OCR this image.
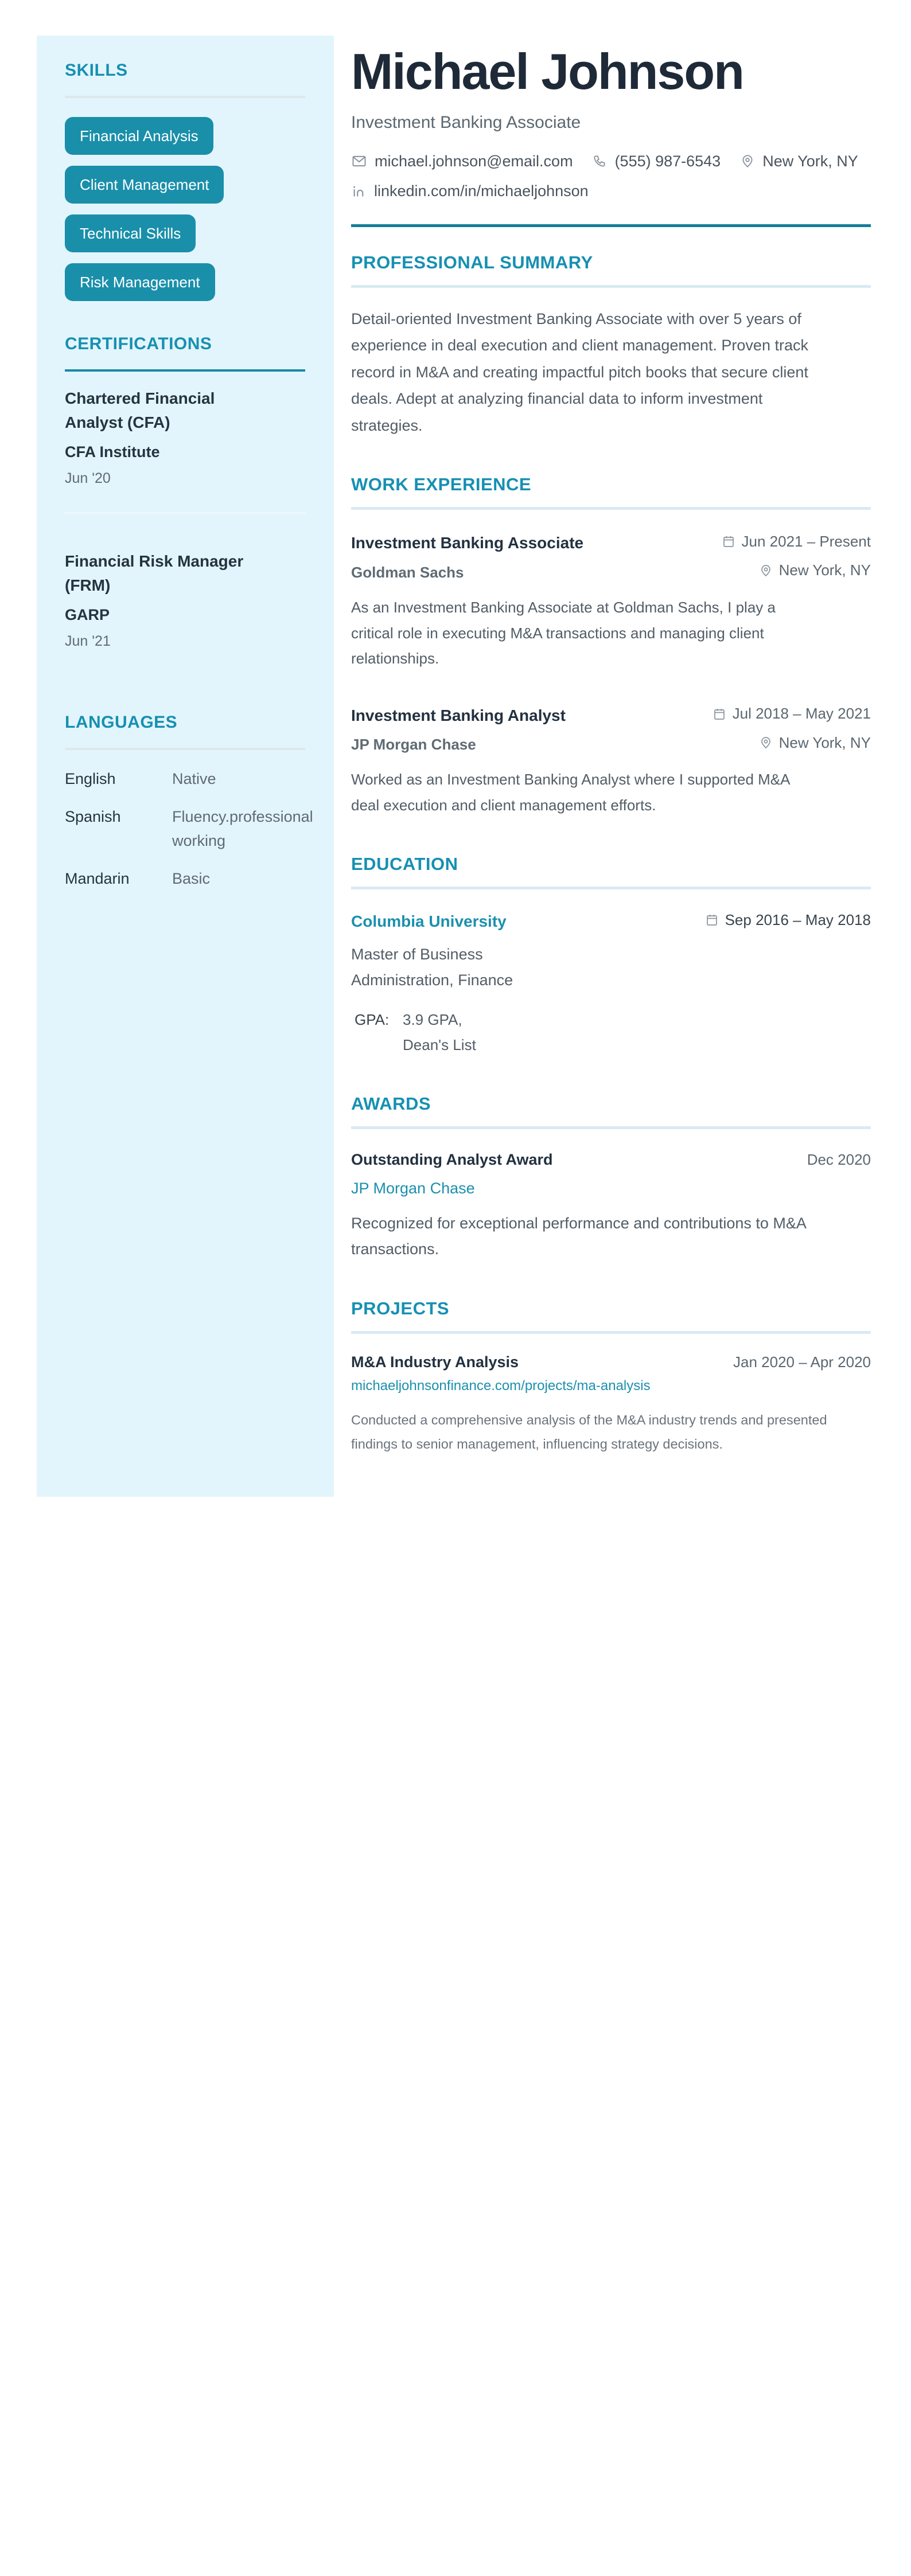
SKILLS
Financial Analysis
Client Management
Technical Skills
Risk Management
CERTIFICATIONS
Chartered Financial Analyst (CFA)
CFA Institute
Jun '20
Financial Risk Manager (FRM)
GARP
Jun '21
LANGUAGES
English	Native
Spanish	Fluency.professional working
Mandarin	Basic
Michael Johnson
Investment Banking Associate
michael.johnson@email.com	(555) 987-6543	New York, NY
linkedin.com/in/michaeljohnson
PROFESSIONAL SUMMARY

Detail-oriented Investment Banking Associate with over 5 years of experience in deal execution and client management. Proven track record in M&A and creating impactful pitch books that secure client deals. Adept at analyzing financial data to inform investment strategies.

WORK EXPERIENCE
Investment Banking Associate	Jun 2021 – Present
Goldman Sachs	New York, NY

As an Investment Banking Associate at Goldman Sachs, I play a critical role in executing M&A transactions and managing client relationships.

Investment Banking Analyst	Jul 2018 – May 2021
JP Morgan Chase	New York, NY

Worked as an Investment Banking Analyst where I supported M&A deal execution and client management efforts.

EDUCATION
Columbia University	Sep 2016 – May 2018
Master of Business Administration, Finance
GPA: 3.9 GPA,
Dean's List
AWARDS
Outstanding Analyst Award	Dec 2020
JP Morgan Chase

Recognized for exceptional performance and contributions to M&A transactions.

PROJECTS
M&A Industry Analysis	Jan 2020 – Apr 2020
michaeljohnsonfinance.com/projects/ma-analysis

Conducted a comprehensive analysis of the M&A industry trends and presented findings to senior management, influencing strategy decisions.
